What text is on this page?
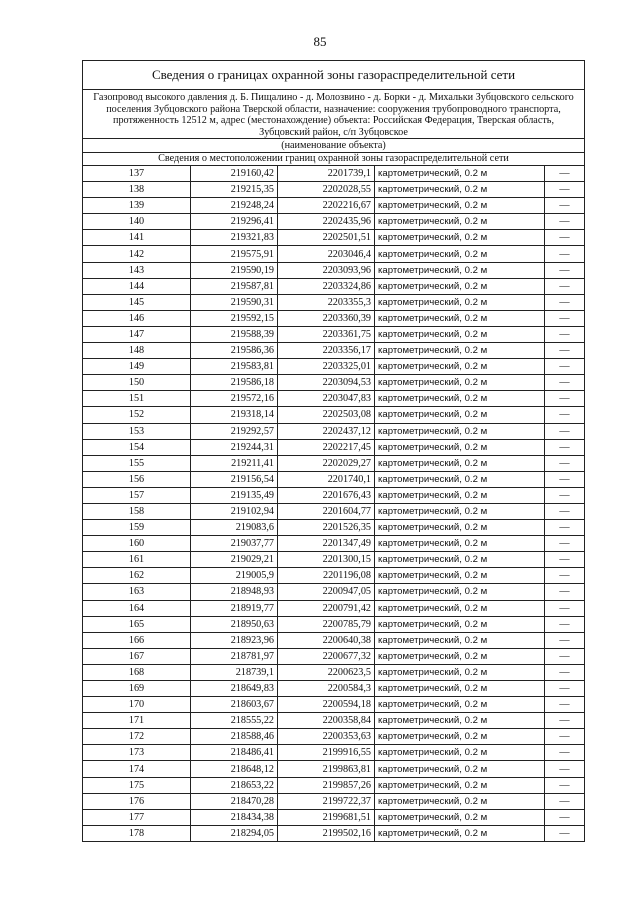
85
Сведения о границах охранной зоны газораспределительной сети
Газопровод высокого давления д. Б. Пищалино - д. Молозвино - д. Борки - д. Михальки Зубцовского сельского поселения Зубцовского района Тверской области, назначение: сооружения трубопроводного транспорта, протяженность 12512 м, адрес (местонахождение) объекта: Российская Федерация, Тверская область, Зубцовский район, с/п Зубцовское
(наименование объекта)
Сведения о местоположении границ охранной зоны газораспределительной сети
137	219160,42	2201739,1	картометрический, 0.2 м	—
138	219215,35	2202028,55	картометрический, 0.2 м	—
139	219248,24	2202216,67	картометрический, 0.2 м	—
140	219296,41	2202435,96	картометрический, 0.2 м	—
141	219321,83	2202501,51	картометрический, 0.2 м	—
142	219575,91	2203046,4	картометрический, 0.2 м	—
143	219590,19	2203093,96	картометрический, 0.2 м	—
144	219587,81	2203324,86	картометрический, 0.2 м	—
145	219590,31	2203355,3	картометрический, 0.2 м	—
146	219592,15	2203360,39	картометрический, 0.2 м	—
147	219588,39	2203361,75	картометрический, 0.2 м	—
148	219586,36	2203356,17	картометрический, 0.2 м	—
149	219583,81	2203325,01	картометрический, 0.2 м	—
150	219586,18	2203094,53	картометрический, 0.2 м	—
151	219572,16	2203047,83	картометрический, 0.2 м	—
152	219318,14	2202503,08	картометрический, 0.2 м	—
153	219292,57	2202437,12	картометрический, 0.2 м	—
154	219244,31	2202217,45	картометрический, 0.2 м	—
155	219211,41	2202029,27	картометрический, 0.2 м	—
156	219156,54	2201740,1	картометрический, 0.2 м	—
157	219135,49	2201676,43	картометрический, 0.2 м	—
158	219102,94	2201604,77	картометрический, 0.2 м	—
159	219083,6	2201526,35	картометрический, 0.2 м	—
160	219037,77	2201347,49	картометрический, 0.2 м	—
161	219029,21	2201300,15	картометрический, 0.2 м	—
162	219005,9	2201196,08	картометрический, 0.2 м	—
163	218948,93	2200947,05	картометрический, 0.2 м	—
164	218919,77	2200791,42	картометрический, 0.2 м	—
165	218950,63	2200785,79	картометрический, 0.2 м	—
166	218923,96	2200640,38	картометрический, 0.2 м	—
167	218781,97	2200677,32	картометрический, 0.2 м	—
168	218739,1	2200623,5	картометрический, 0.2 м	—
169	218649,83	2200584,3	картометрический, 0.2 м	—
170	218603,67	2200594,18	картометрический, 0.2 м	—
171	218555,22	2200358,84	картометрический, 0.2 м	—
172	218588,46	2200353,63	картометрический, 0.2 м	—
173	218486,41	2199916,55	картометрический, 0.2 м	—
174	218648,12	2199863,81	картометрический, 0.2 м	—
175	218653,22	2199857,26	картометрический, 0.2 м	—
176	218470,28	2199722,37	картометрический, 0.2 м	—
177	218434,38	2199681,51	картометрический, 0.2 м	—
178	218294,05	2199502,16	картометрический, 0.2 м	—
